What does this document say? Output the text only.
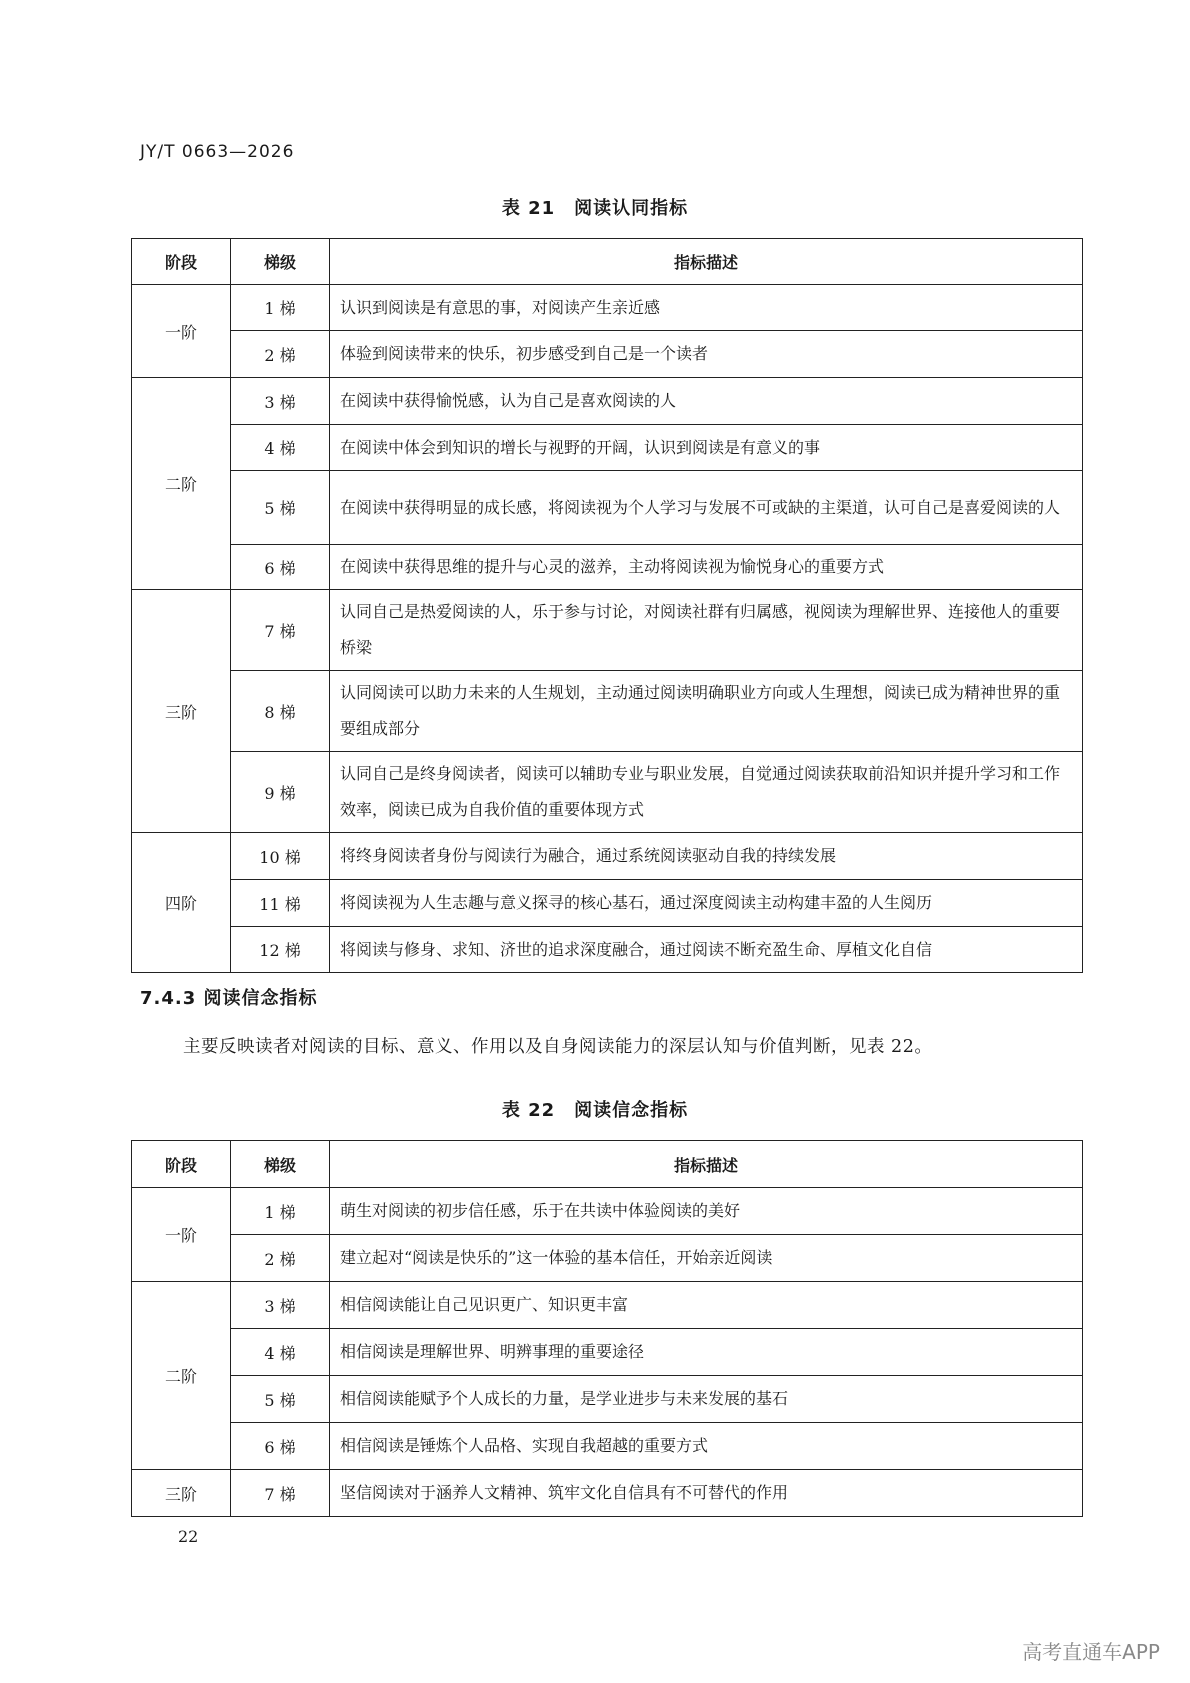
JY/T 0663—2026
表 21　阅读认同指标
阶段	梯级	指标描述
一阶	1 梯	认识到阅读是有意思的事，对阅读产生亲近感
	2 梯	体验到阅读带来的快乐，初步感受到自己是一个读者
二阶	3 梯	在阅读中获得愉悦感，认为自己是喜欢阅读的人
	4 梯	在阅读中体会到知识的增长与视野的开阔，认识到阅读是有意义的事
	5 梯	在阅读中获得明显的成长感，将阅读视为个人学习与发展不可或缺的主渠道，认可自己是喜爱阅读的人
	6 梯	在阅读中获得思维的提升与心灵的滋养，主动将阅读视为愉悦身心的重要方式
三阶	7 梯	认同自己是热爱阅读的人，乐于参与讨论，对阅读社群有归属感，视阅读为理解世界、连接他人的重要桥梁
	8 梯	认同阅读可以助力未来的人生规划，主动通过阅读明确职业方向或人生理想，阅读已成为精神世界的重要组成部分
	9 梯	认同自己是终身阅读者，阅读可以辅助专业与职业发展，自觉通过阅读获取前沿知识并提升学习和工作效率，阅读已成为自我价值的重要体现方式
四阶	10 梯	将终身阅读者身份与阅读行为融合，通过系统阅读驱动自我的持续发展
	11 梯	将阅读视为人生志趣与意义探寻的核心基石，通过深度阅读主动构建丰盈的人生阅历
	12 梯	将阅读与修身、求知、济世的追求深度融合，通过阅读不断充盈生命、厚植文化自信
7.4.3 阅读信念指标
主要反映读者对阅读的目标、意义、作用以及自身阅读能力的深层认知与价值判断，见表 22。
表 22　阅读信念指标
阶段	梯级	指标描述
一阶	1 梯	萌生对阅读的初步信任感，乐于在共读中体验阅读的美好
	2 梯	建立起对“阅读是快乐的”这一体验的基本信任，开始亲近阅读
二阶	3 梯	相信阅读能让自己见识更广、知识更丰富
	4 梯	相信阅读是理解世界、明辨事理的重要途径
	5 梯	相信阅读能赋予个人成长的力量，是学业进步与未来发展的基石
	6 梯	相信阅读是锤炼个人品格、实现自我超越的重要方式
三阶	7 梯	坚信阅读对于涵养人文精神、筑牢文化自信具有不可替代的作用
22
高考直通车APP
